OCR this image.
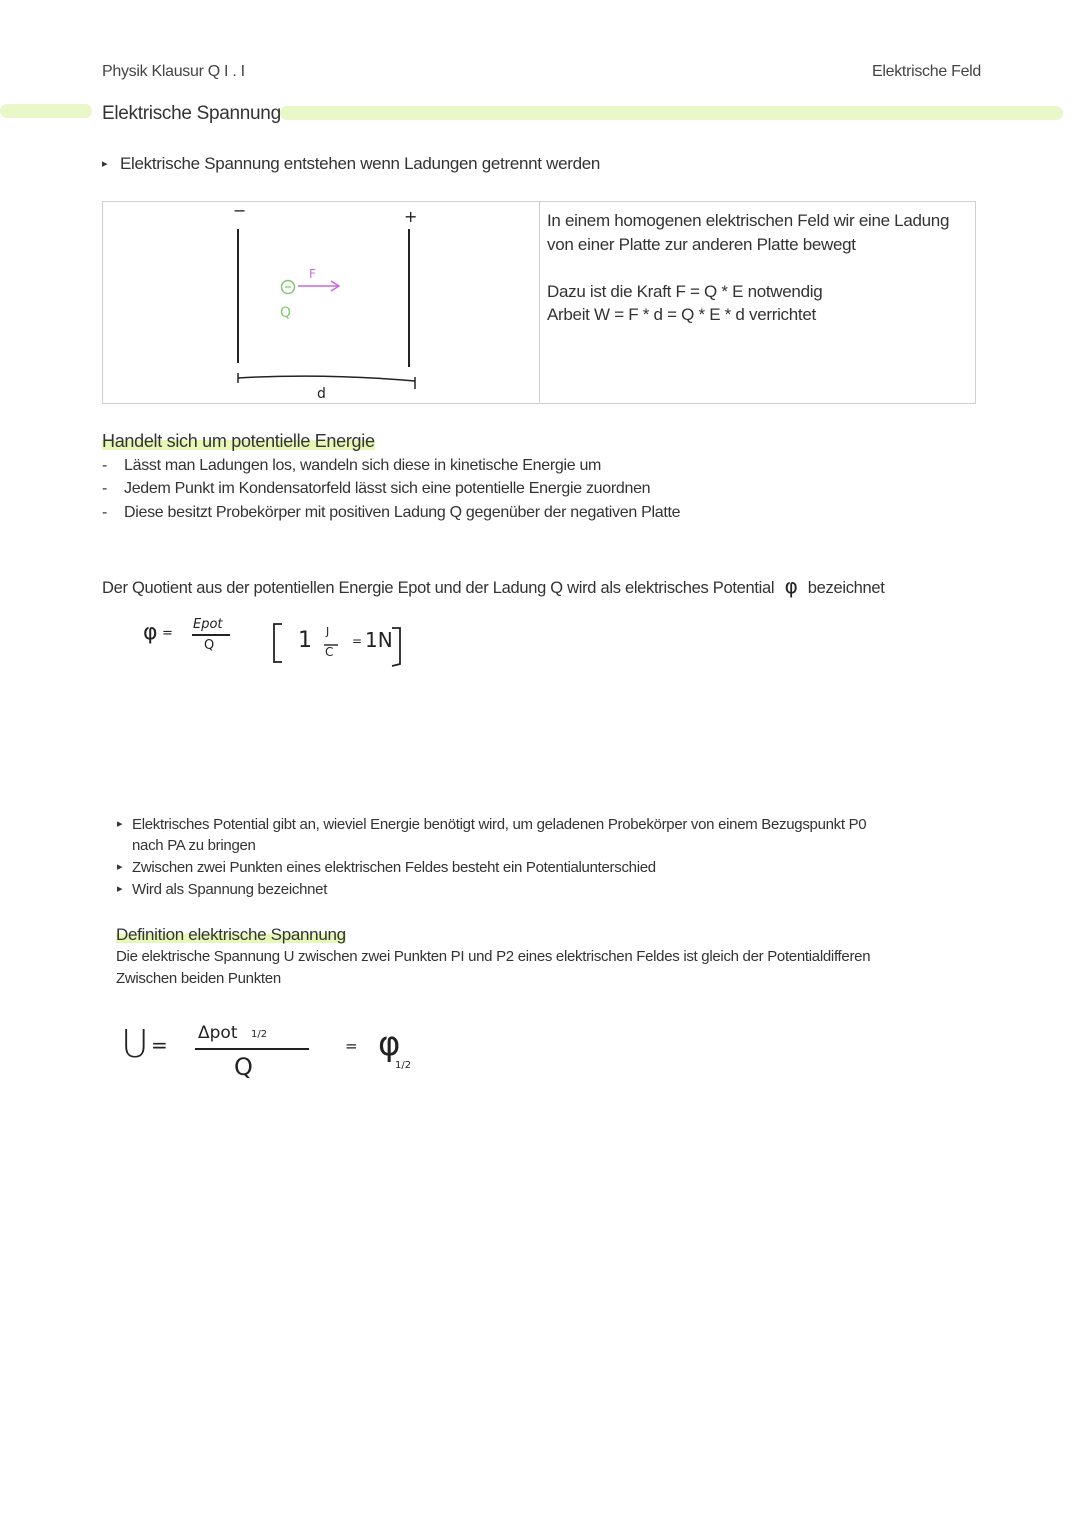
Physik Klausur Q I . I	Elektrische Feld
Elektrische Spannung
▸ Elektrische Spannung entstehen wenn Ladungen getrennt werden
−	+
Q
F
d
In einem homogenen elektrischen Feld wir eine Ladung
von einer Platte zur anderen Platte bewegt
Dazu ist die Kraft F = Q * E notwendig
Arbeit W = F * d = Q * E * d verrichtet
Handelt sich um potentielle Energie
- Lässt man Ladungen los, wandeln sich diese in kinetische Energie um
- Jedem Punkt im Kondensatorfeld lässt sich eine potentielle Energie zuordnen
- Diese besitzt Probekörper mit positiven Ladung Q gegenüber der negativen Platte
Der Quotient aus der potentiellen Energie Epot und der Ladung Q wird als elektrisches Potential φ bezeichnet
φ =
Epot
Q	1 J
C
= 1N
▸ Elektrisches Potential gibt an, wieviel Energie benötigt wird, um geladenen Probekörper von einem Bezugspunkt P0
nach PA zu bringen
▸ Zwischen zwei Punkten eines elektrischen Feldes besteht ein Potentialunterschied
▸ Wird als Spannung bezeichnet
Definition elektrische Spannung
Die elektrische Spannung U zwischen zwei Punkten PI und P2 eines elektrischen Feldes ist gleich der Potentialdifferen
Zwischen beiden Punkten
U = Δpot 1/2
Q
= φ
1/2
